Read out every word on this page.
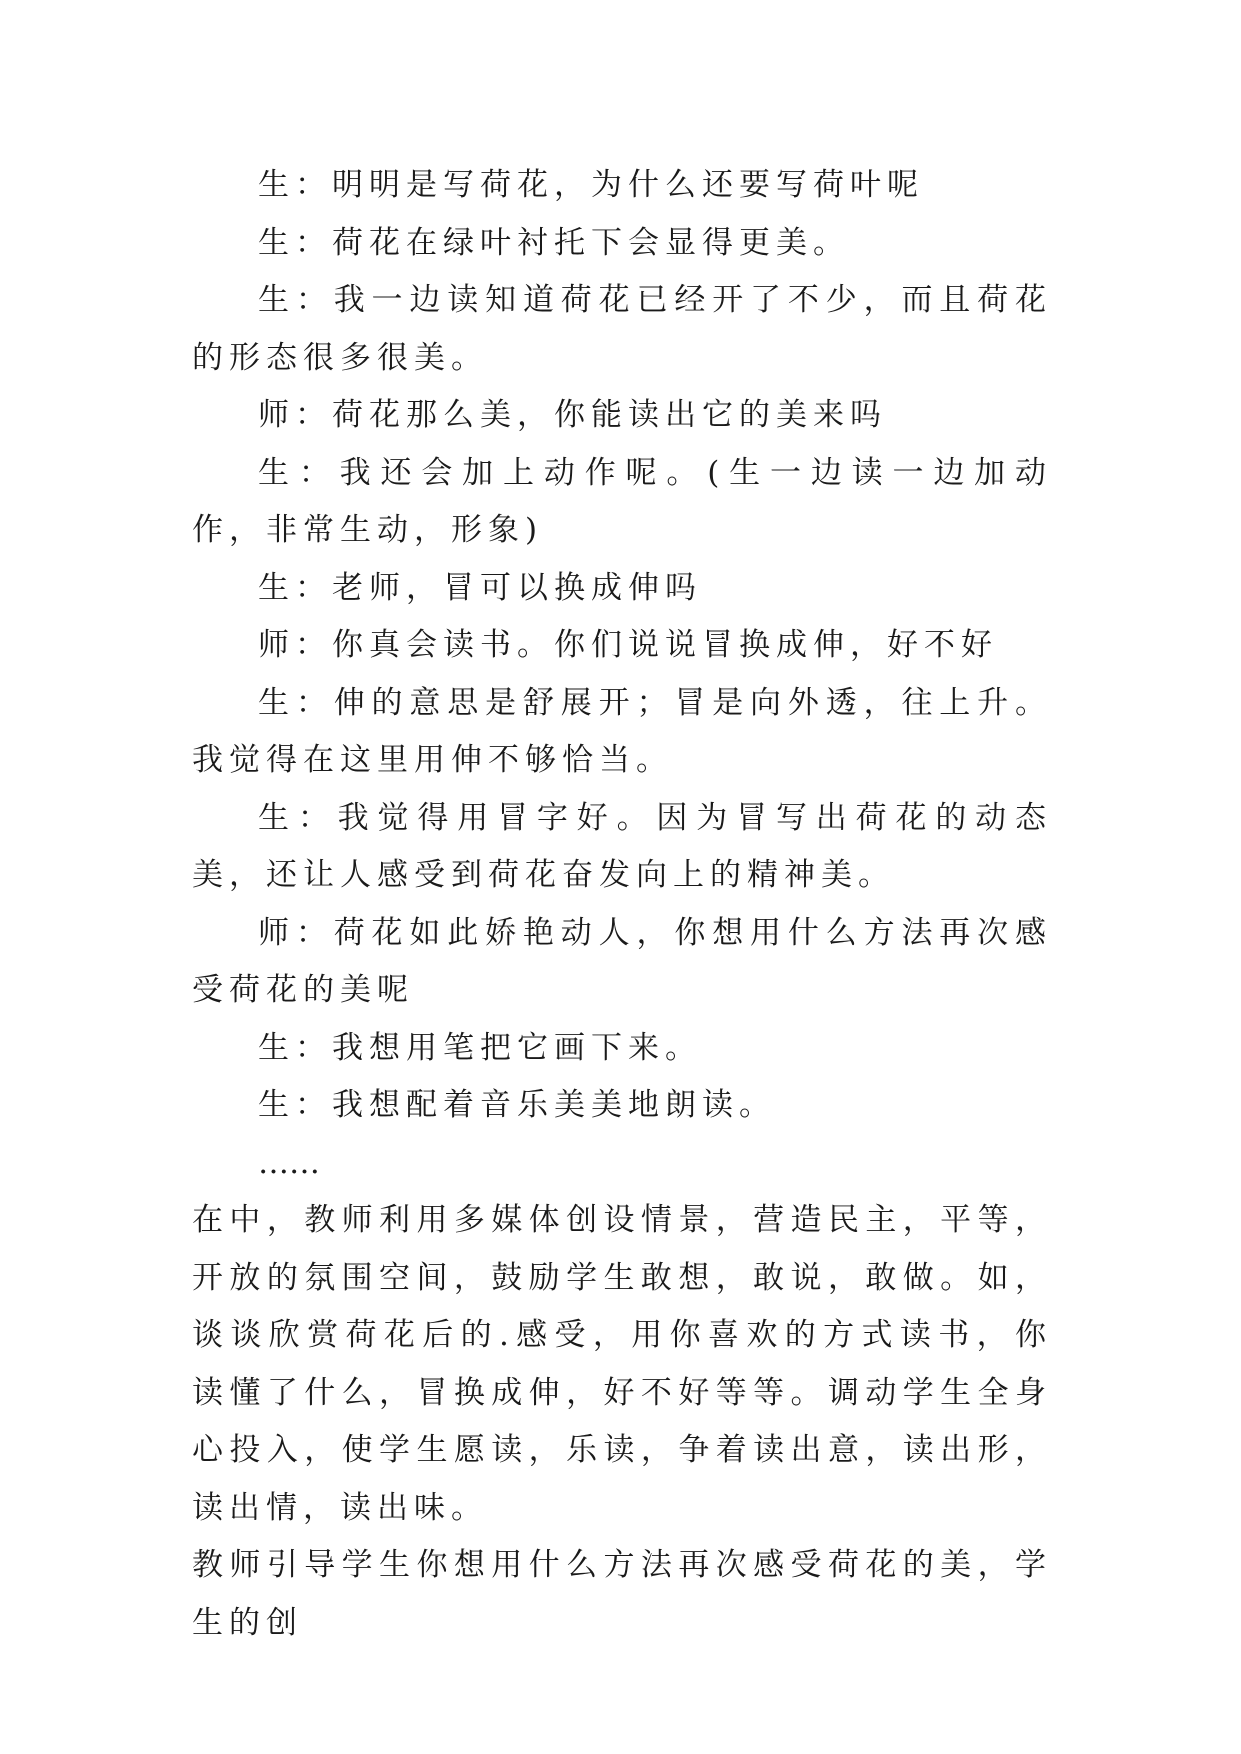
生：明明是写荷花，为什么还要写荷叶呢

生：荷花在绿叶衬托下会显得更美。

生：我一边读知道荷花已经开了不少，而且荷花的形态很多很美。

师：荷花那么美，你能读出它的美来吗

生：我还会加上动作呢。(生一边读一边加动作，非常生动，形象)

生：老师，冒可以换成伸吗

师：你真会读书。你们说说冒换成伸，好不好

生：伸的意思是舒展开；冒是向外透，往上升。我觉得在这里用伸不够恰当。

生：我觉得用冒字好。因为冒写出荷花的动态美，还让人感受到荷花奋发向上的精神美。

师：荷花如此娇艳动人，你想用什么方法再次感受荷花的美呢

生：我想用笔把它画下来。

生：我想配着音乐美美地朗读。

……

在中，教师利用多媒体创设情景，营造民主，平等，开放的氛围空间，鼓励学生敢想，敢说，敢做。如，谈谈欣赏荷花后的.感受，用你喜欢的方式读书，你读懂了什么，冒换成伸，好不好等等。调动学生全身心投入，使学生愿读，乐读，争着读出意，读出形，读出情，读出味。

教师引导学生你想用什么方法再次感受荷花的美，学生的创
